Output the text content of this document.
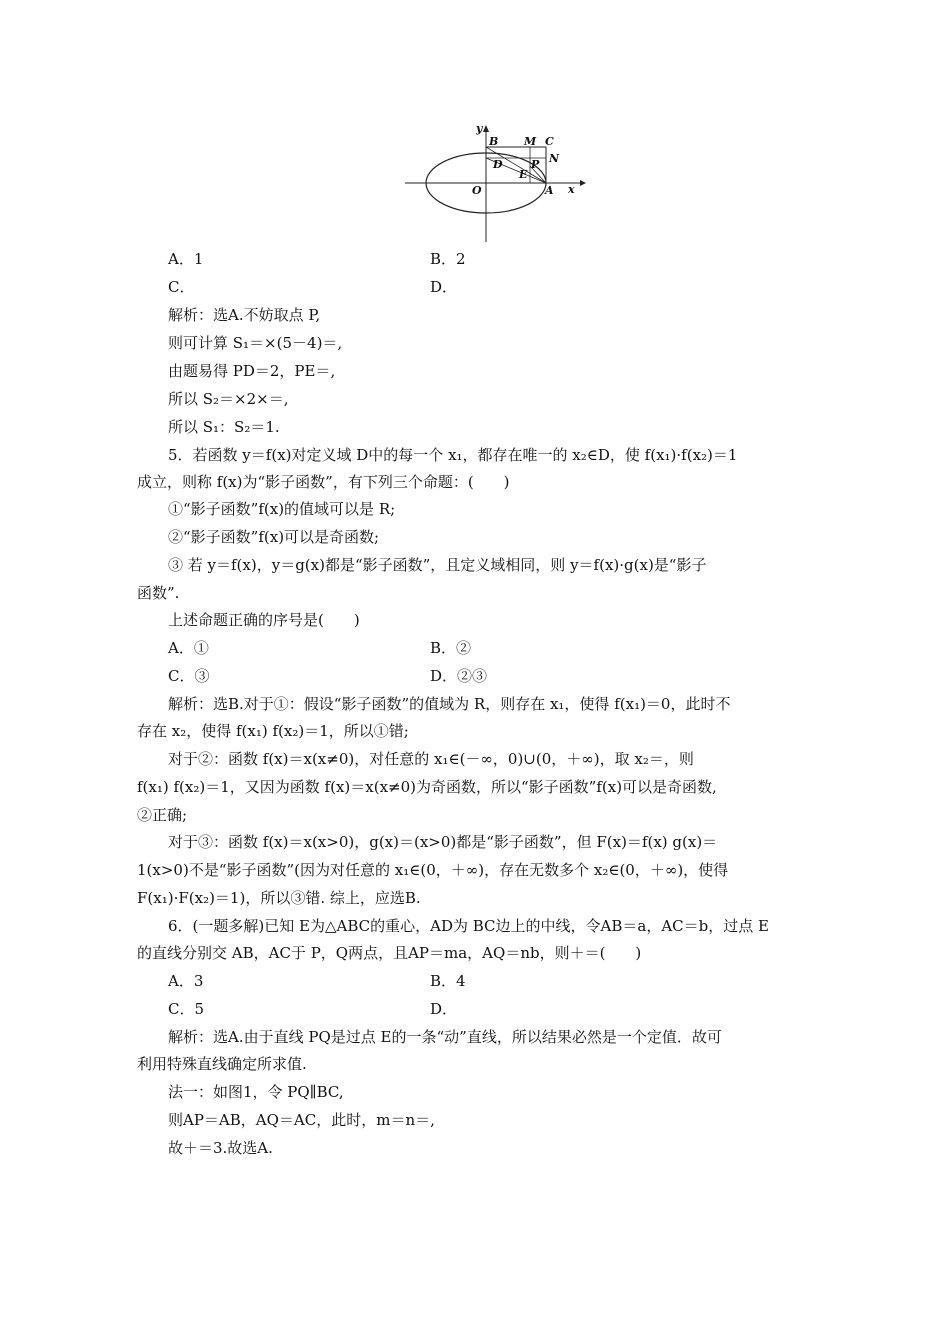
y
x
O	A
B	C
M
N
D	P
E
A．1	B．2
C．	D．
解析：选A.不妨取点 P,
则可计算 S₁＝×(5－4)＝,
由题易得 PD＝2，PE＝,
所以 S₂＝×2×＝,
所以 S₁：S₂＝1.
5．若函数 y＝f(x)对定义域 D中的每一个 x₁，都存在唯一的 x₂∈D，使 f(x₁)·f(x₂)＝1
成立，则称 f(x)为“影子函数”，有下列三个命题：(　　)
①“影子函数”f(x)的值域可以是 R;
②“影子函数”f(x)可以是奇函数;
③ 若 y＝f(x)，y＝g(x)都是“影子函数”，且定义域相同，则 y＝f(x)·g(x)是“影子
函数”.
上述命题正确的序号是(　　)
A．①	B．②
C．③	D．②③
解析：选B.对于①：假设“影子函数”的值域为 R，则存在 x₁，使得 f(x₁)＝0，此时不
存在 x₂，使得 f(x₁) f(x₂)＝1，所以①错;
对于②：函数 f(x)＝x(x≠0)，对任意的 x₁∈(－∞，0)∪(0，＋∞)，取 x₂＝，则
f(x₁) f(x₂)＝1，又因为函数 f(x)＝x(x≠0)为奇函数，所以“影子函数”f(x)可以是奇函数,
②正确;
对于③：函数 f(x)＝x(x>0)，g(x)＝(x>0)都是“影子函数”，但 F(x)＝f(x) g(x)＝
1(x>0)不是“影子函数”(因为对任意的 x₁∈(0，＋∞)，存在无数多个 x₂∈(0，＋∞)，使得
F(x₁)·F(x₂)＝1)，所以③错. 综上，应选B.
6．(一题多解)已知 E为△ABC的重心，AD为 BC边上的中线，令AB＝a，AC＝b，过点 E
的直线分别交 AB，AC于 P，Q两点，且AP＝ma，AQ＝nb，则＋＝(　　)
A．3	B．4
C．5	D．
解析：选A.由于直线 PQ是过点 E的一条“动”直线，所以结果必然是一个定值．故可
利用特殊直线确定所求值.
法一：如图1，令 PQ∥BC,
则AP＝AB，AQ＝AC，此时，m＝n＝,
故＋＝3.故选A.
